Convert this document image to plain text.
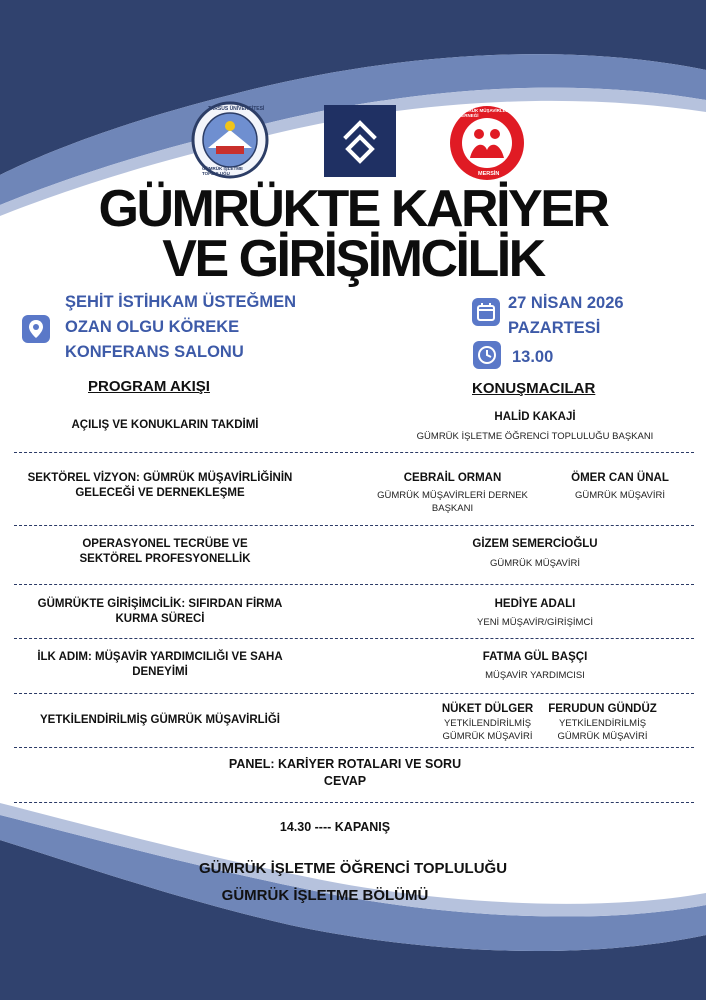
TARSUS ÜNİVERSİTESİ
GÜMRÜK İŞLETME TOPLULUĞU
GÜMRÜK MÜŞAVİRLERİ DERNEĞİ
MERSİN
GÜMRÜKTE KARİYER
VE GİRİŞİMCİLİK
ŞEHİT İSTİHKAM ÜSTEĞMEN
OZAN OLGU KÖREKE
KONFERANS SALONU
27 NİSAN 2026
PAZARTESİ
13.00
PROGRAM AKIŞI	KONUŞMACILAR
AÇILIŞ VE KONUKLARIN TAKDİMİ
HALİD KAKAJİ
GÜMRÜK İŞLETME ÖĞRENCİ TOPLULUĞU BAŞKANI
SEKTÖREL VİZYON: GÜMRÜK MÜŞAVİRLİĞİNİN
GELECEĞİ VE DERNEKLEŞME
CEBRAİL ORMAN
GÜMRÜK MÜŞAVİRLERİ DERNEK
BAŞKANI
ÖMER CAN ÜNAL
GÜMRÜK MÜŞAVİRİ
OPERASYONEL TECRÜBE VE
SEKTÖREL PROFESYONELLİK
GİZEM SEMERCİOĞLU
GÜMRÜK MÜŞAVİRİ
GÜMRÜKTE GİRİŞİMCİLİK: SIFIRDAN FİRMA
KURMA SÜRECİ
HEDİYE ADALI
YENİ MÜŞAVİR/GİRİŞİMCİ
İLK ADIM: MÜŞAVİR YARDIMCILIĞI VE SAHA
DENEYİMİ
FATMA GÜL BAŞÇI
MÜŞAVİR YARDIMCISI
YETKİLENDİRİLMİŞ GÜMRÜK MÜŞAVİRLİĞİ
NÜKET DÜLGER
YETKİLENDİRİLMİŞ
GÜMRÜK MÜŞAVİRİ
FERUDUN GÜNDÜZ
YETKİLENDİRİLMİŞ
GÜMRÜK MÜŞAVİRİ
PANEL: KARİYER ROTALARI VE SORU
CEVAP
14.30 ---- KAPANIŞ
GÜMRÜK İŞLETME ÖĞRENCİ TOPLULUĞU
GÜMRÜK İŞLETME BÖLÜMÜ
